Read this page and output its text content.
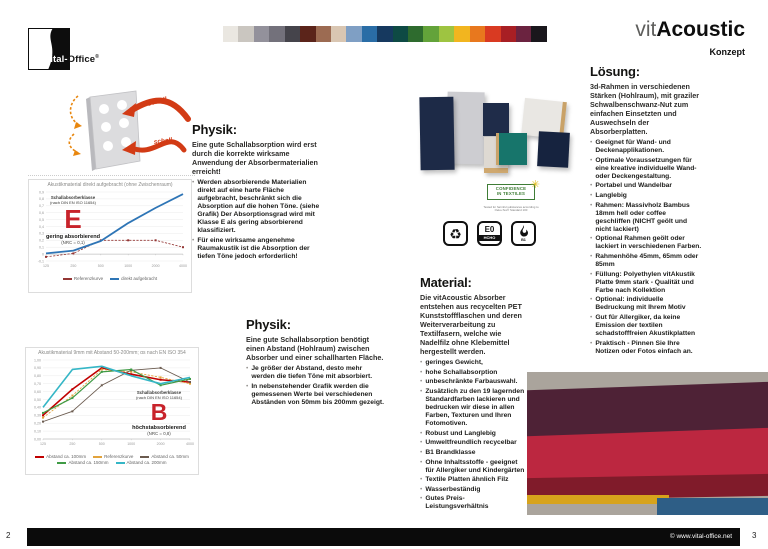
Vital-Office®
vitAcoustic
Konzept
schall
schall
Akustikmaterial direkt aufgebracht (ohne Zwischenraum)
0,9
0,8
0,7
0,6
0,5
0,4
0,3
0,2
0,1
0
-0,1
125	250	500	1000	2000	4000
Referenzkurve	direkt aufgebracht
Schallabsorberklasse
(nach DIN EN ISO 11654)
E
gering absorbierend
(NRC = 0,1)
Akustikmaterial 9mm mit Abstand 50-200mm; αs nach EN ISO 354
1,00
0,90
0,80
0,70
0,60
0,50
0,40
0,30
0,20
0,10
0,00
125	250	500	1000	2000	4000
Abstand ca. 100mm	Referenzkurve	Abstand ca. 50mm
Abstand ca. 150mm	Abstand ca. 200mm
Schallabsorberklasse
(nach DIN EN ISO 11654)
B
höchstabsorbierend
(NRC = 0,8)
Physik:
Eine gute Schallabsorption wird erst durch die korrekte wirksame Anwendung der Absorbermaterialien erreicht!
• Werden absorbierende Materialien direkt auf eine harte Fläche aufgebracht, beschränkt sich die Absorption auf die hohen Töne. (siehe Grafik) Der Absorptionsgrad wird mit Klasse E als gering absorbierend klassifiziert.
• Für eine wirksame angenehme Raumakustik ist die Absorption der tiefen Töne jedoch erforderlich!
Physik:
Eine gute Schallabsorption benötigt einen Abstand (Hohlraum) zwischen Absorber und einer schallharten Fläche.
• Je größer der Abstand, desto mehr werden die tiefen Töne mit absorbiert.
• In nebenstehender Grafik werden die gemessenen Werte bei verschiedenen Abständen von 50mm bis 200mm gezeigt.
✳
CONFIDENCE
IN TEXTILES
Tested for harmful substances according to Oeko-Tex® Standard 100
♻	E0
HCHO
B1
Material:
Die vitAcoustic Absorber entstehen aus recycelten PET Kunststoffflaschen und deren Weiterverarbeitung zu Textilfasern, welche wie Nadelfilz ohne Klebemittel hergestellt werden.
• geringes Gewicht,
• hohe Schallabsorption
• unbeschränkte Farbauswahl.
• Zusätzlich zu den 19 lagernden Standardfarben lackieren und bedrucken wir diese in allen Farben, Texturen und Ihren Fotomotiven.
• Robust und Langlebig
• Umweltfreundlich recycelbar
• B1 Brandklasse
• Ohne Inhaltsstoffe - geeignet für Allergiker und Kindergärten
• Textile Platten ähnlich Filz
• Wasserbeständig
• Gutes Preis- Leistungsverhältnis
Lösung:
3d-Rahmen in verschiedenen Stärken (Hohlraum), mit graziler Schwalbenschwanz-Nut zum einfachen Einsetzten und Auswechseln der Absorberplatten.
• Geeignet für Wand- und Deckenapplikationen.
• Optimale Voraussetzungen für eine kreative individuelle Wand- oder Deckengestaltung.
• Portabel und Wandelbar
• Langlebig
• Rahmen: Massivholz Bambus 18mm hell oder coffee geschliffen (NICHT geölt und nicht lackiert)
• Optional Rahmen geölt oder lackiert in verschiedenen Farben.
• Rahmenhöhe 45mm, 65mm oder 85mm
• Füllung: Polyethylen vitAkustik Platte 9mm stark - Qualität und Farbe nach Kollektion
• Optional: individuelle Bedruckung mit Ihrem Motiv
• Gut für Allergiker, da keine Emission der textilen schadstofffreien Akustikplatten
• Praktisch - Pinnen Sie Ihre Notizen oder Fotos einfach an.
© www.vital-office.net
2	3
